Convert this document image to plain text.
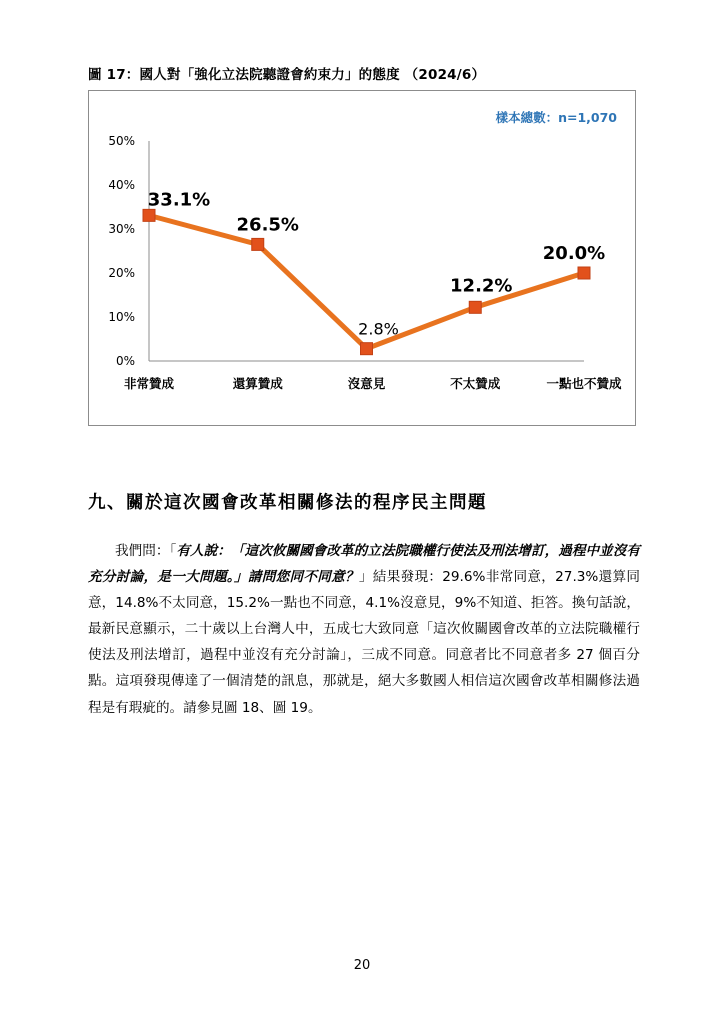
圖 17：國人對「強化立法院聽證會約束力」的態度 （2024/6）
樣本總數：n=1,070
0%
10%
20%
30%
40%
50%
非常贊成	還算贊成	沒意見	不太贊成	一點也不贊成
33.1%
26.5%
2.8%
12.2%
20.0%
九、關於這次國會改革相關修法的程序民主問題

我們問：「有人說：「這次攸關國會改革的立法院職權行使法及刑法增訂，過程中並沒有充分討論，是一大問題。」請問您同不同意？」結果發現：29.6%非常同意，27.3%還算同意，14.8%不太同意，15.2%一點也不同意，4.1%沒意見，9%不知道、拒答。換句話說，最新民意顯示，二十歲以上台灣人中，五成七大致同意「這次攸關國會改革的立法院職權行使法及刑法增訂，過程中並沒有充分討論」，三成不同意。同意者比不同意者多 27 個百分點。這項發現傳達了一個清楚的訊息，那就是，絕大多數國人相信這次國會改革相關修法過程是有瑕疵的。請參見圖 18、圖 19。

20
